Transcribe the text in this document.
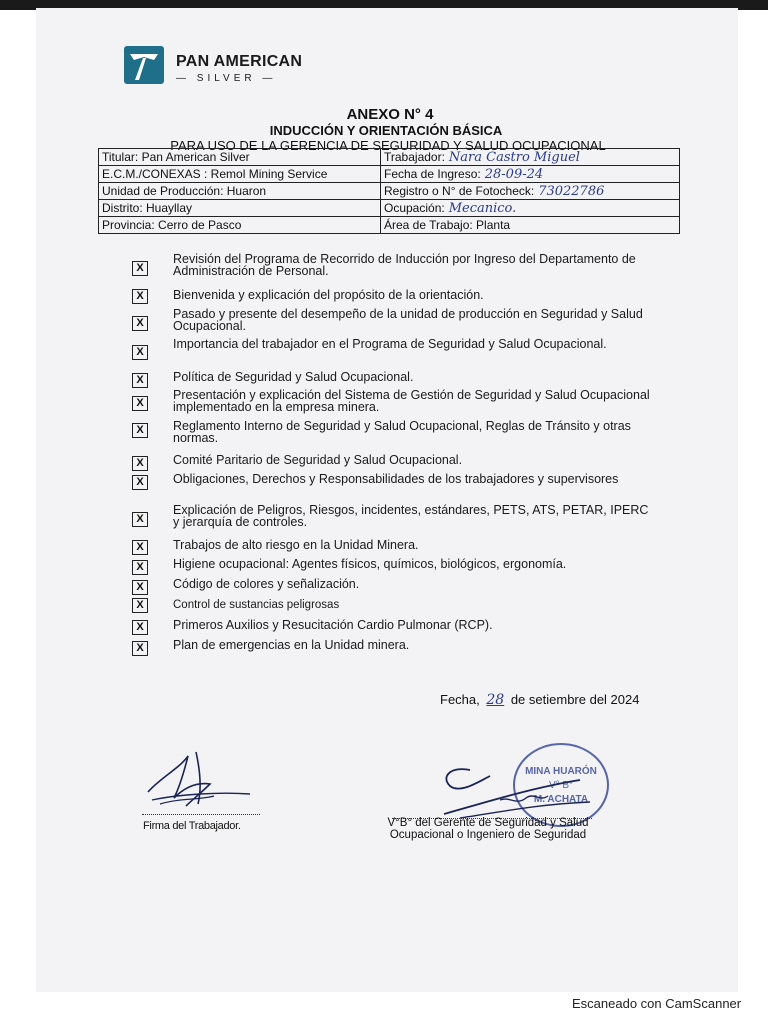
PAN AMERICAN
— SILVER —
ANEXO N° 4
INDUCCIÓN Y ORIENTACIÓN BÁSICA
PARA USO DE LA GERENCIA DE SEGURIDAD Y SALUD OCUPACIONAL
Titular: Pan American Silver	Trabajador: Nara Castro Miguel
E.C.M./CONEXAS : Remol Mining Service	Fecha de Ingreso: 28-09-24
Unidad de Producción: Huaron	Registro o N° de Fotocheck: 73022786
Distrito: Huayllay	Ocupación: Mecanico.
Provincia: Cerro de Pasco	Área de Trabajo: Planta
X
Revisión del Programa de Recorrido de Inducción por Ingreso del Departamento de Administración de Personal.
X	Bienvenida y explicación del propósito de la orientación.
X
Pasado y presente del desempeño de la unidad de producción en Seguridad y Salud Ocupacional.
X
Importancia del trabajador en el Programa de Seguridad y Salud Ocupacional.
X	Política de Seguridad y Salud Ocupacional.
X
Presentación y explicación del Sistema de Gestión de Seguridad y Salud Ocupacional implementado en la empresa minera.
X	Reglamento Interno de Seguridad y Salud Ocupacional, Reglas de Tránsito y otras normas.
X	Comité Paritario de Seguridad y Salud Ocupacional.
X	Obligaciones, Derechos y Responsabilidades de los trabajadores y supervisores
X
Explicación de Peligros, Riesgos, incidentes, estándares, PETS, ATS, PETAR, IPERC y jerarquía de controles.
X	Trabajos de alto riesgo en la Unidad Minera.
X	Higiene ocupacional: Agentes físicos, químicos, biológicos, ergonomía.
X	Código de colores y señalización.
X	Control de sustancias peligrosas
X	Primeros Auxilios y Resucitación Cardio Pulmonar (RCP).
X	Plan de emergencias en la Unidad minera.
Fecha, 28 de setiembre del 2024
Firma del Trabajador.
MINA HUARÓN
V° B°
M. ACHATA
V°B° del Gerente de Seguridad y Salud Ocupacional o Ingeniero de Seguridad
Escaneado con CamScanner
